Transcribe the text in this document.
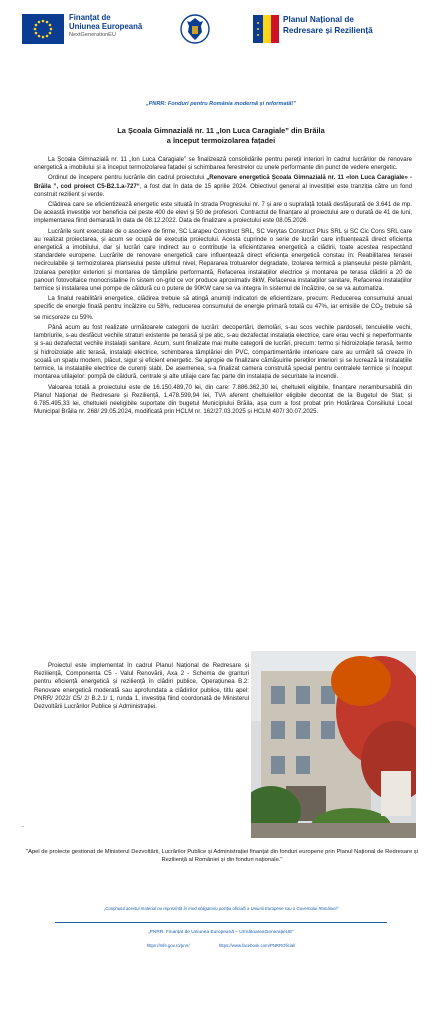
Finanțat de
Uniunea Europeană
NextGenerationEU
Planul Național de
Redresare și Reziliență
„PNRR: Fonduri pentru România modernă și reformată!”
La Școala Gimnazială nr. 11 „Ion Luca Caragiale” din Brăila
a început termoizolarea fațadei

La Școala Gimnazială nr. 11 „Ion Luca Caragiale” se finalizează consolidările pentru pereții interiori în cadrul lucrărilor de renovare energetică a imobilului și a început termoizolarea fațadei și schimbarea ferestrelor cu unele performante din punct de vedere energetic.

Ordinul de începere pentru lucrările din cadrul proiectului „Renovare energetică Școala Gimnazială nr. 11 «Ion Luca Caragiale» - Brăila ”, cod proiect C5-B2.1.a-727“, a fost dat în data de 15 aprilie 2024. Obiectivul general al investiției este tranziția către un fond construit rezilient și verde.

Clădirea care se eficientizează energetic este situată în strada Progresului nr. 7 și are o suprafață totală desfășurată de 3.641 de mp. De această investiție vor beneficia cei peste 400 de elevi și 50 de profesori. Contractul de finanțare al proiectului are o durată de 41 de luni, implementarea fiind demarată în data de 08.12.2022. Data de finalizare a proiectului este 08.05.2026.

Lucrările sunt executate de o asociere de firme, SC Larapeu Construct SRL, SC Verytas Construct Plus SRL și SC Cic Cons SRL care au realizat proiectarea, și acum se ocupă de execuția proiectului. Acesta cuprinde o serie de lucrări care influențează direct eficiența energetică a imobilului, dar și lucrări care indirect au o contribuție la eficientizarea energetică a clădirii, toate acestea respectând standardele europene. Lucrările de renovare energetică care influențează direct eficiența energetică constau în: Reabilitarea terasei necirculabile și termoizolarea planseului peste ultimul nivel, Repararea trotuarelor degradate, Izolarea termică a planșeului peste pământ, Izolarea pereților exteriori și montarea de tâmplărie performantă, Refacerea instalațiilor electrice și montarea pe terasa clădirii a 20 de panouri fotovoltaice monocristaline în sistem on-grid ce vor produce aproximativ 8kW, Refacerea instalațiilor sanitare, Refacerea instalațiilor termice și instalarea unei pompe de căldură cu o putere de 90KW care se va integra în sistemul de încălzire, ce se va automatiza.

La finalul reabilitării energetice, clădirea trebuie să atingă anumiți indicatori de eficientizare, precum: Reducerea consumului anual specific de energie finală pentru încălzire cu 58%, reducerea consumului de energie primară totală cu 47%, iar emisiile de $CO_2$ trebuie să se micșoreze cu 59%.

Până acum au fost realizate următoarele categorii de lucrări: decopertări, demolări, s-au scos vechile pardoseli, tencuielile vechi, lambriurile, s-au desfăcut vechile straturi existente pe terasă și pe atic, s-au dezafectat instalația electrice, care erau vechi și neperformante și s-au dezafectat vechile instalații sanitare. Acum, sunt finalizate mai multe categorii de lucrări, precum: termo și hidroizolație terasă, termo și hidroizolație atic terasă, instalații electrice, schimbarea tâmplăriei din PVC, compartimentările interioare care au urmărit să creeze în școală un spațiu modern, plăcut, sigur și eficient energetic. Se apropie de finalizare cămășuirile pereților interiori și se lucrează la instalațiile termice, la instalațiile electrice de curenți slabi. De asemenea, s-a finalizat camera construită special pentru centralele termice și început montarea utilajelor: pompă de căldură, centrale și alte utilaje care fac parte din instalația de securitate la incendii.

Valoarea totală a proiectului este de 16.150.489,70 lei, din care: 7.886.362,30 lei, cheltuieli eligibile, finanțare nerambursabilă din Planul Național de Redresare și Reziliență, 1.478.599,94 lei, TVA aferent cheltuielilor eligibile decontat de la Bugetul de Stat; și 6.785.495,33 lei, cheltuieli neeligibile suportate din bugetul Municipiului Brăila, așa cum a fost probat prin Hotărârea Consiliului Local Municipal Brăila nr. 268/ 29.05.2024, modificată prin HCLM nr. 162/27.03.2025 și HCLM 407/ 30.07.2025.

Proiectul este implementat în cadrul Planul Național de Redresare și Reziliență, Componenta C5 - Valul Renovării, Axa 2 - Schema de granturi pentru eficiență energetică și reziliență în clădiri publice, Operațiunea B.2: Renovare energetică moderată sau aprofundata a clădirilor publice, titlu apel: PNRR/ 2022/ C5/ 2/ B.2.1/ 1, runda 1, investiția fiind coordonată de Ministerul Dezvoltării Lucrărilor Publice și Administrației.

.
"Apel de proiecte gestionat de Ministerul Dezvoltării, Lucrărilor Publice și Administrației finanțat din fonduri europene prin Planul Național de Redresare și Reziliență al României și din fonduri naționale."
„Conținutul acestui material nu reprezintă în mod obligatoriu poziția oficială a Uniunii Europene sau a Guvernului României”
„PNRR. Finanțat de Uniunea Europeană – UrmătoareaGenerațieUE”
https://mfe.gov.ro/pnrr/	https://www.facebook.com/PNRROficial/
